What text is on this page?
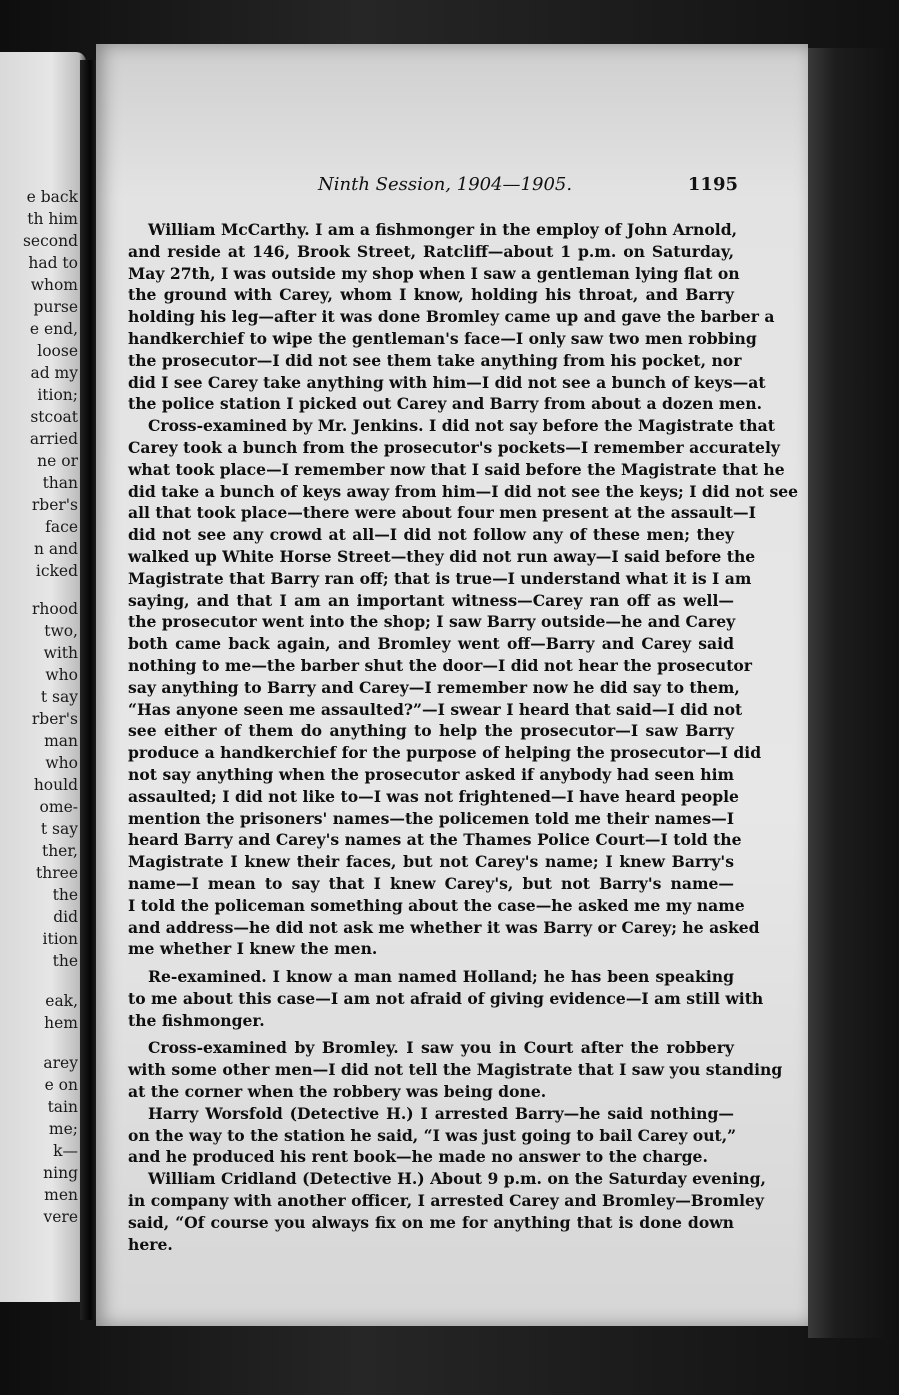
e back
th him
second
had to
whom
purse
e end,
loose
ad my
ition;
stcoat
arried
ne or
than
rber's
face
n and
icked
rhood
two,
with
who
t say
rber's
man
who
hould
ome-
t say
ther,
three
the
did
ition
the
eak,
hem
arey
e on
tain
me;
k—
ning
men
vere
Ninth Session, 1904—1905.	1195
William McCarthy. I am a fishmonger in the employ of John Arnold,
and reside at 146, Brook Street, Ratcliff—about 1 p.m. on Saturday,
May 27th, I was outside my shop when I saw a gentleman lying flat on
the ground with Carey, whom I know, holding his throat, and Barry
holding his leg—after it was done Bromley came up and gave the barber a
handkerchief to wipe the gentleman's face—I only saw two men robbing
the prosecutor—I did not see them take anything from his pocket, nor
did I see Carey take anything with him—I did not see a bunch of keys—at
the police station I picked out Carey and Barry from about a dozen men.
Cross-examined by Mr. Jenkins. I did not say before the Magistrate that
Carey took a bunch from the prosecutor's pockets—I remember accurately
what took place—I remember now that I said before the Magistrate that he
did take a bunch of keys away from him—I did not see the keys; I did not see
all that took place—there were about four men present at the assault—I
did not see any crowd at all—I did not follow any of these men; they
walked up White Horse Street—they did not run away—I said before the
Magistrate that Barry ran off; that is true—I understand what it is I am
saying, and that I am an important witness—Carey ran off as well—
the prosecutor went into the shop; I saw Barry outside—he and Carey
both came back again, and Bromley went off—Barry and Carey said
nothing to me—the barber shut the door—I did not hear the prosecutor
say anything to Barry and Carey—I remember now he did say to them,
“Has anyone seen me assaulted?”—I swear I heard that said—I did not
see either of them do anything to help the prosecutor—I saw Barry
produce a handkerchief for the purpose of helping the prosecutor—I did
not say anything when the prosecutor asked if anybody had seen him
assaulted; I did not like to—I was not frightened—I have heard people
mention the prisoners' names—the policemen told me their names—I
heard Barry and Carey's names at the Thames Police Court—I told the
Magistrate I knew their faces, but not Carey's name; I knew Barry's
name—I mean to say that I knew Carey's, but not Barry's name—
I told the policeman something about the case—he asked me my name
and address—he did not ask me whether it was Barry or Carey; he asked
me whether I knew the men.
Re-examined. I know a man named Holland; he has been speaking
to me about this case—I am not afraid of giving evidence—I am still with
the fishmonger.
Cross-examined by Bromley. I saw you in Court after the robbery
with some other men—I did not tell the Magistrate that I saw you standing
at the corner when the robbery was being done.
Harry Worsfold (Detective H.) I arrested Barry—he said nothing—
on the way to the station he said, “I was just going to bail Carey out,”
and he produced his rent book—he made no answer to the charge.
William Cridland (Detective H.) About 9 p.m. on the Saturday evening,
in company with another officer, I arrested Carey and Bromley—Bromley
said, “Of course you always fix on me for anything that is done down
here.
